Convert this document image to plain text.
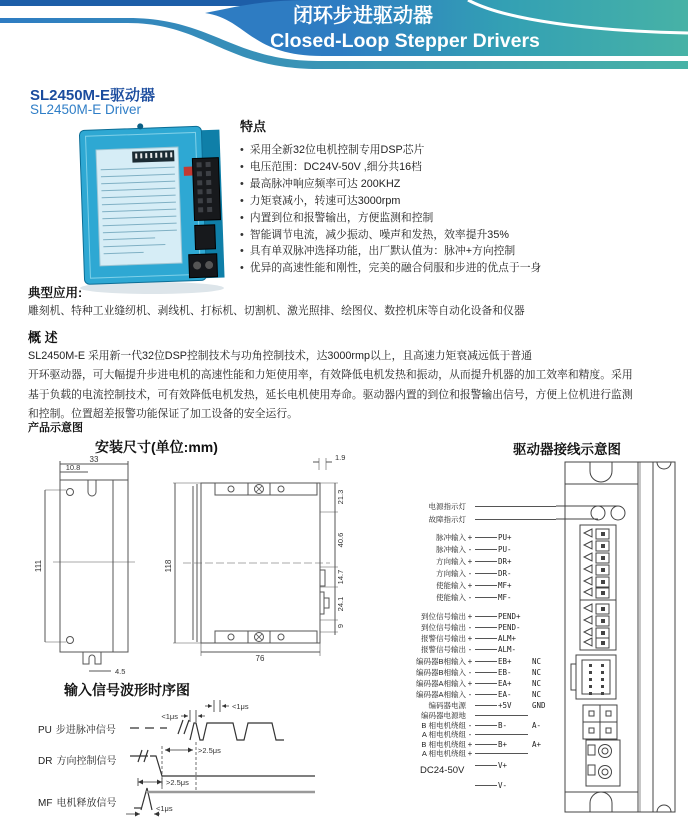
闭环步进驱动器
Closed-Loop Stepper Drivers
SL2450M-E驱动器
SL2450M-E Driver
特点
• 采用全新32位电机控制专用DSP芯片
• 电压范围：DC24V-50V ,细分共16档
• 最高脉冲响应频率可达 200KHZ
• 力矩衰减小，转速可达3000rpm
• 内置到位和报警输出，方便监测和控制
• 智能调节电流，减少振动、噪声和发热，效率提升35%
• 具有单双脉冲选择功能，出厂默认值为：脉冲+方向控制
• 优异的高速性能和刚性，完美的融合伺服和步进的优点于一身
典型应用:
雕刻机、特种工业缝纫机、剥线机、打标机、切割机、激光照排、绘图仪、数控机床等自动化设备和仪器
概 述
SL2450M-E 采用新一代32位DSP控制技术与功角控制技术，达3000rmp以上，且高速力矩衰减远低于普通
开环驱动器，可大幅提升步进电机的高速性能和力矩使用率，有效降低电机发热和振动，从而提升机器的加工效率和精度。采用
基于负载的电流控制技术，可有效降低电机发热，延长电机使用寿命。驱动器内置的到位和报警输出信号，方便上位机进行监测
和控制。位置超差报警功能保证了加工设备的安全运行。
产品示意图
安装尺寸(单位:mm)	驱动器接线示意图
33
10.8
111
4.5
118
76
1.9
21.3
40.6
14.7
24.1
9
电源指示灯
故障指示灯
脉冲输入 +	PU+
脉冲输入 -	PU-
方向输入 +	DR+
方向输入 -	DR-
使能输入 +	MF+
使能输入 -	MF-
到位信号输出 +	PEND+
到位信号输出 -	PEND-
报警信号输出 +	ALM+
报警信号输出 -	ALM-
编码器B相输入 +	EB+	NC
编码器B相输入 -	EB-	NC
编码器A相输入 +	EA+	NC
编码器A相输入 -	EA-	NC
编码器电源	+5V	GND
编码器电源地
B 相电机绕组 -	B-	A-
A 相电机绕组 -
B 相电机绕组 +	B+	A+
A 相电机绕组 +
V+
V-
DC24-50V
输入信号波形时序图
PU 步进脉冲信号
DR 方向控制信号
MF 电机释放信号
<1μs
<1μs
>2.5μs
>2.5μs
<1μs
